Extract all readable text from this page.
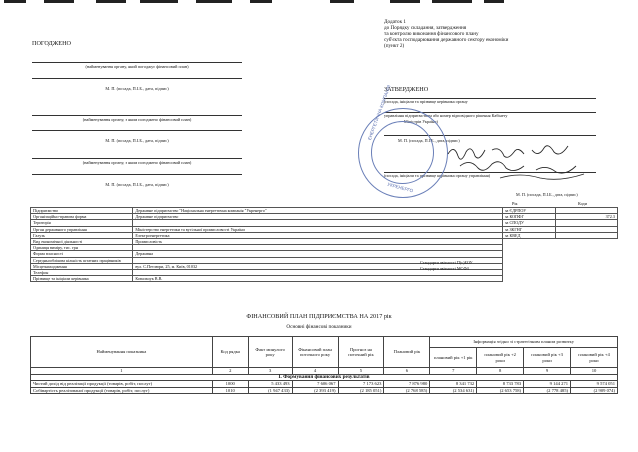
Додаток 1
до Порядку складання, затвердження
та контролю виконання фінансового плану
суб'єкта господарювання державного сектору економіки
(пункт 2)
ПОГОДЖЕНО
(найменування органу, який погоджує фінансовий план)
М. П. (посада, П.І.Б., дата, підпис)
(найменування органу, з яким погоджено фінансовий план)
М. П. (посада, П.І.Б., дата, підпис)
(найменування органу, з яким погоджено фінансовий план)
М. П. (посада, П.І.Б., дата, підпис)
ЗАТВЕРДЖЕНО
(посада, ініціали та прізвище керівника органу
управління підприємством або номер відповідного рішення Кабінету
Міністрів України)
М. П. (посада, П.І.Б., дата, підпис)
(посада, ініціали та прізвище керівника органу управління)
М. П. (посада, П.І.Б., дата, підпис)
ЕНЕРГЕТИЧНА КОМПАНІЯ
УКРЕНЕРГО
Рік	Коди
Підприємство	Державне підприємство "Національна енергетична компанія "Укренерго"	за ЄДРПОУ	
Організаційно-правова форма	Державне підприємство	за КОПФГ	372.3
Територія		за СПОДУ	
Орган державного управління	Міністерство енергетики та вугільної промисловості України	за ЗКГНГ	
Галузь	Електроенергетика	за КВЕД	
Вид економічної діяльності	Промисловість		
Одиниця виміру, тис. грн			
Форма власності	Державна		
Середньооблікова кількість штатних працівників			
Місцезнаходження	вул. С.Петлюри, 25, м. Київ, 01032		
Телефон			
Прізвище та ініціали керівника	Ковальчук В.В.		
Стандарти звітності П(с)БОУ
Стандарти звітності МСФЗ
ФІНАНСОВИЙ ПЛАН ПІДПРИЄМСТВА НА 2017 рік
Основні фінансові показники
Найменування показника	Код рядка	Факт минулого року	Фінансовий план поточного року	Прогноз на поточний рік	Плановий рік	Інформація згідно зі стратегічним планом розвитку			
						плановий рік +1 рік	плановий рік +2 роки	плановий рік +3 роки	плановий рік +4 роки
1	2	3	4	5	6	7	8	9	10
І. Формування фінансових результатів									
Чистий дохід від реалізації продукції (товарів, робіт, послуг)	1000	5 433 493	7 606 067	7 173 623	7 876 980	8 341 732	8 733 783	9 144 271	9 574 051
Собівартість реалізованої продукції (товарів, робіт, послуг)	1010	(1 947 433)	(2 393 419)	(2 185 051)	(2 768 585)	(2 534 631)	(2 653 758)	(2 778 485)	(2 909 074)
